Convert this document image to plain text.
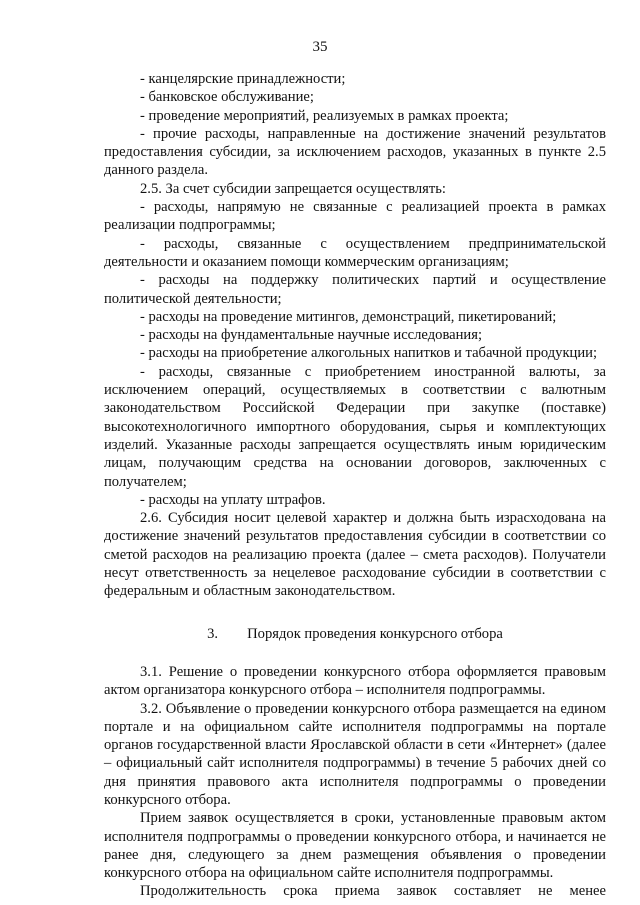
35

- канцелярские принадлежности;

- банковское обслуживание;

- проведение мероприятий, реализуемых в рамках проекта;

- прочие расходы, направленные на достижение значений результатов предоставления субсидии, за исключением расходов, указанных в пункте 2.5 данного раздела.

2.5. За счет субсидии запрещается осуществлять:

- расходы, напрямую не связанные с реализацией проекта в рамках реализации подпрограммы;

- расходы, связанные с осуществлением предпринимательской деятельности и оказанием помощи коммерческим организациям;

- расходы на поддержку политических партий и осуществление политической деятельности;

- расходы на проведение митингов, демонстраций, пикетирований;

- расходы на фундаментальные научные исследования;

- расходы на приобретение алкогольных напитков и табачной продукции;

- расходы, связанные с приобретением иностранной валюты, за исключением операций, осуществляемых в соответствии с валютным законодательством Российской Федерации при закупке (поставке) высокотехнологичного импортного оборудования, сырья и комплектующих изделий. Указанные расходы запрещается осуществлять иным юридическим лицам, получающим средства на основании договоров, заключенных с получателем;

- расходы на уплату штрафов.

2.6. Субсидия носит целевой характер и должна быть израсходована на достижение значений результатов предоставления субсидии в соответствии со сметой расходов на реализацию проекта (далее – смета расходов). Получатели несут ответственность за нецелевое расходование субсидии в соответствии с федеральным и областным законодательством.

3. Порядок проведения конкурсного отбора

3.1. Решение о проведении конкурсного отбора оформляется правовым актом организатора конкурсного отбора – исполнителя подпрограммы.

3.2. Объявление о проведении конкурсного отбора размещается на едином портале и на официальном сайте исполнителя подпрограммы на портале органов государственной власти Ярославской области в сети «Интернет» (далее – официальный сайт исполнителя подпрограммы) в течение 5 рабочих дней со дня принятия правового акта исполнителя подпрограммы о проведении конкурсного отбора.

Прием заявок осуществляется в сроки, установленные правовым актом исполнителя подпрограммы о проведении конкурсного отбора, и начинается не ранее дня, следующего за днем размещения объявления о проведении конкурсного отбора на официальном сайте исполнителя подпрограммы.

Продолжительность срока приема заявок составляет не менее
